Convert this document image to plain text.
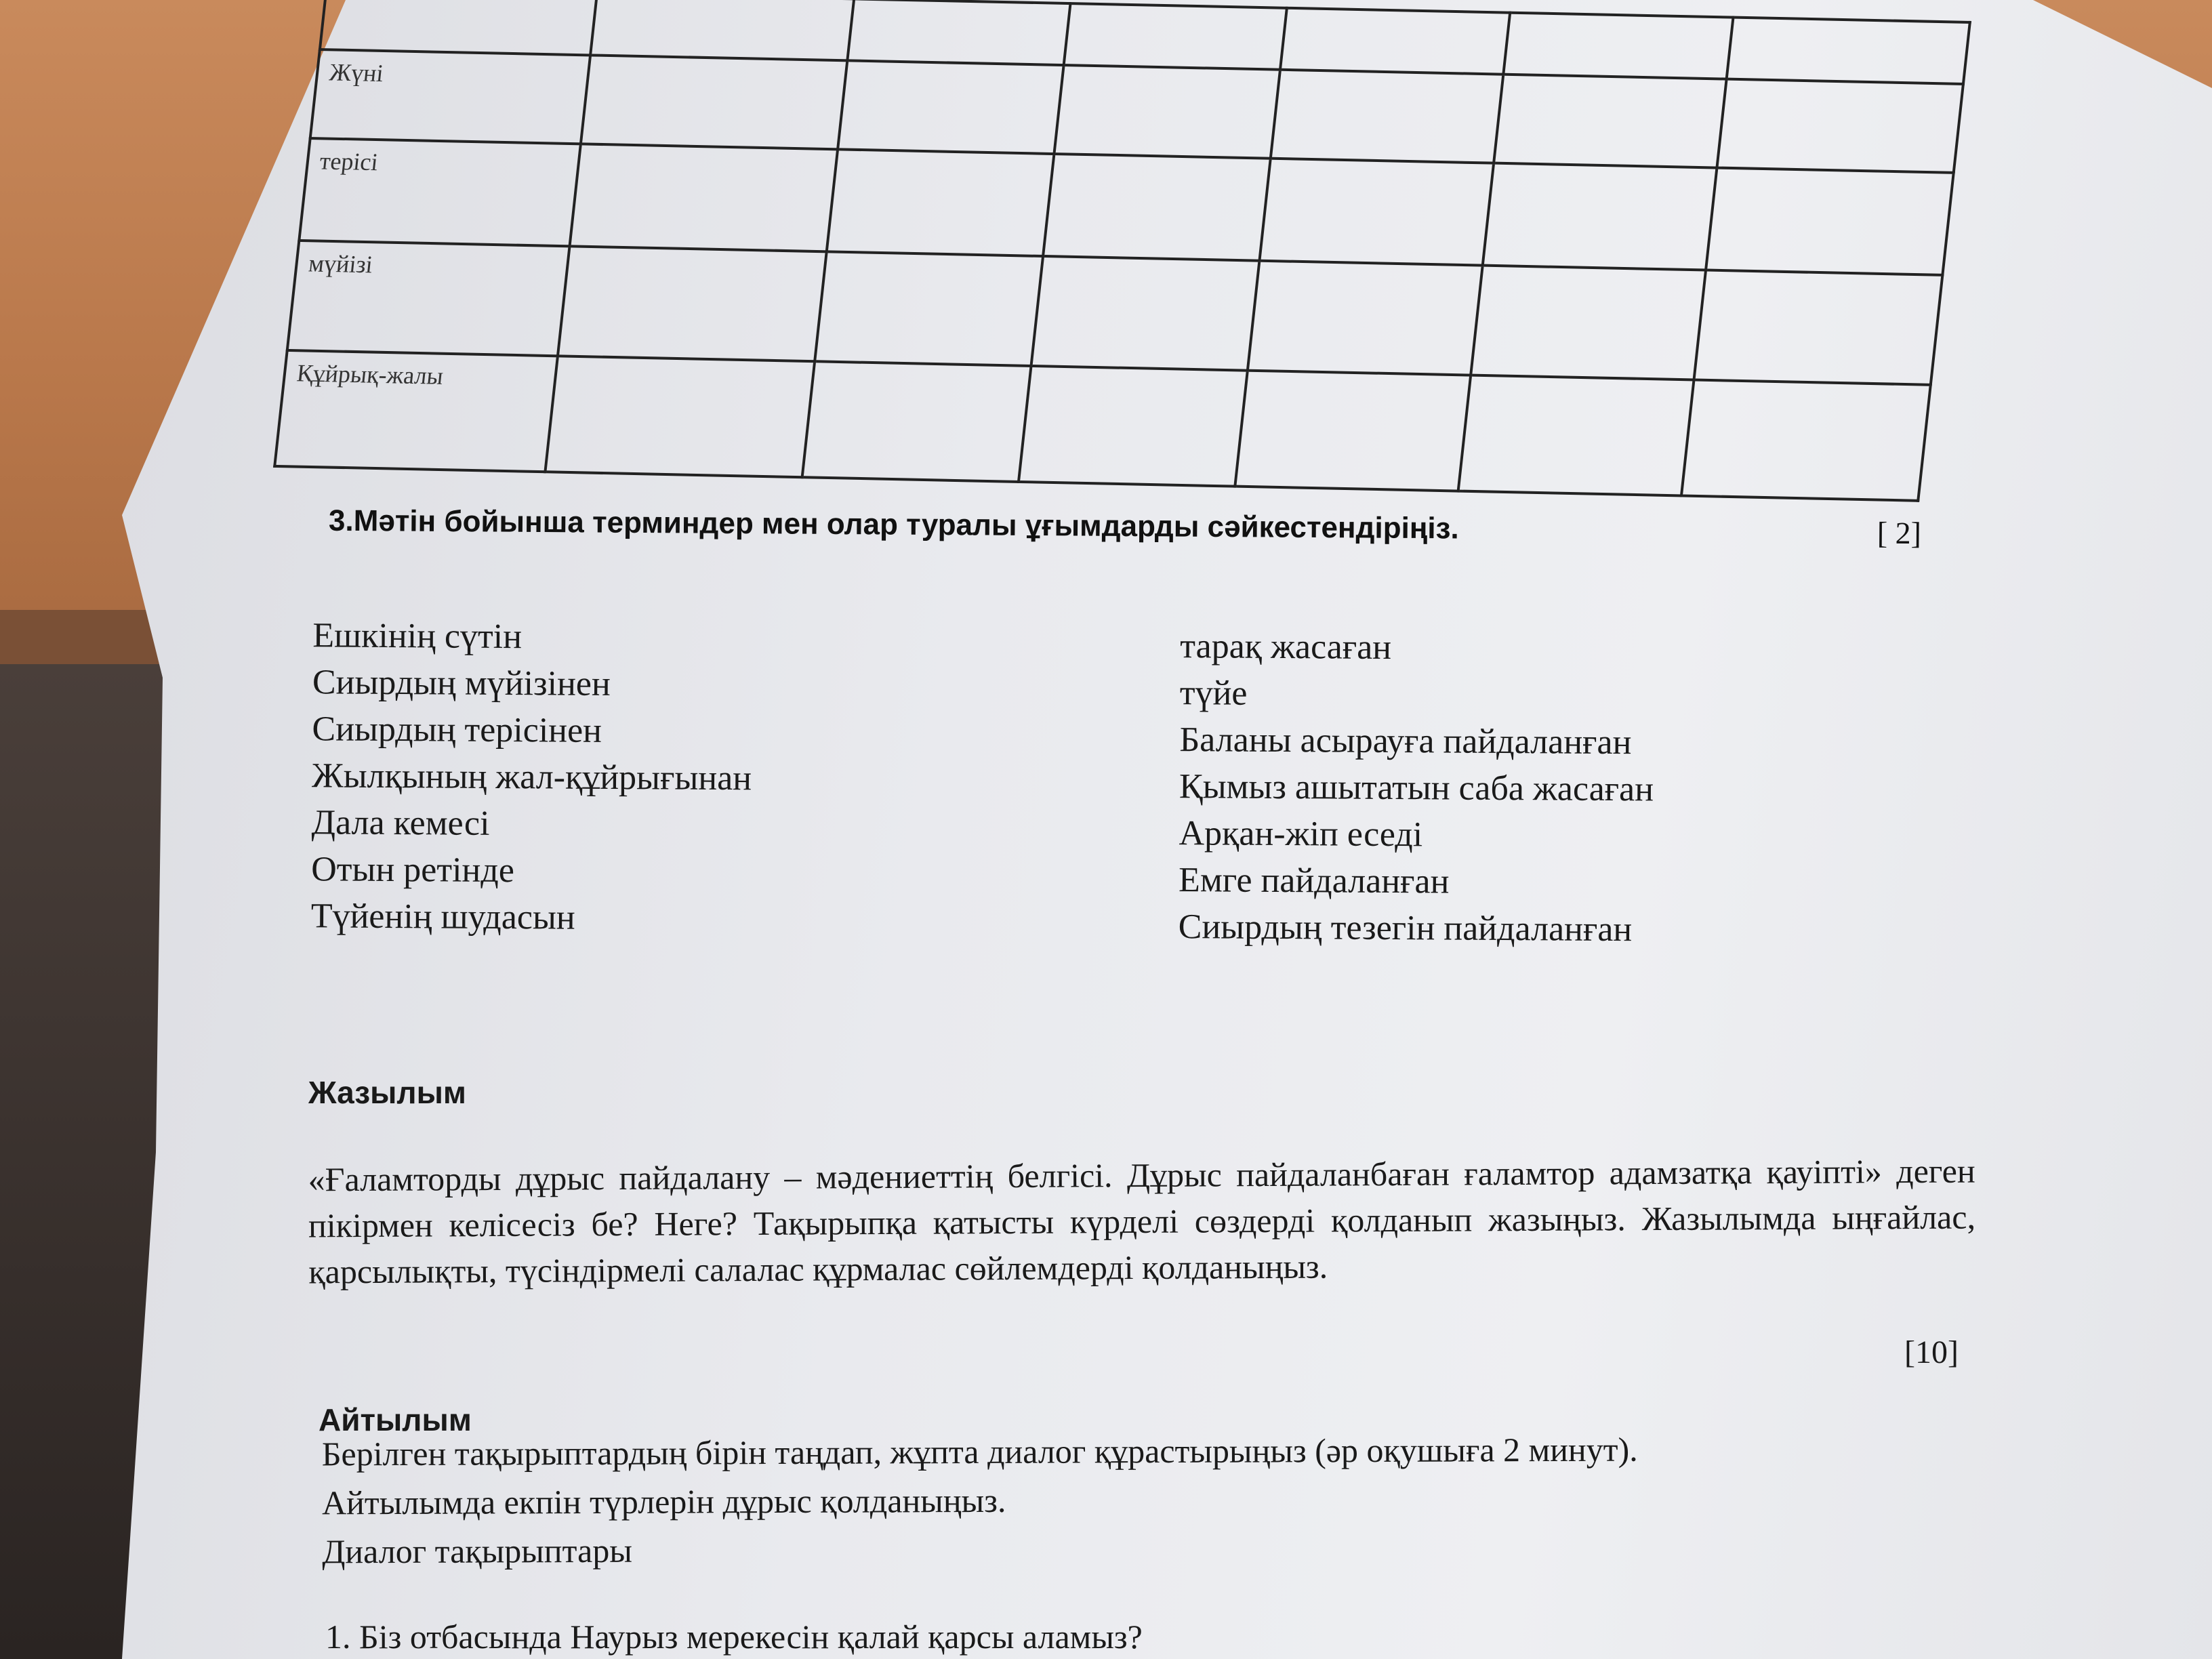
Жүні						
терісі						
мүйізі						
Құйрық-жалы						
3.Мәтін бойынша терминдер мен олар туралы ұғымдарды сәйкестендіріңіз.	[ 2]
Ешкінің сүтін
Сиырдың мүйізінен
Сиырдың терісінен
Жылқының жал-құйрығынан
Дала кемесі
Отын ретінде
Түйенің шудасын
тарақ жасаған
түйе
Баланы асырауға пайдаланған
Қымыз ашытатын саба жасаған
Арқан-жіп еседі
Емге пайдаланған
Сиырдың тезегін пайдаланған
Жазылым
«Ғаламторды дұрыс пайдалану – мәдениеттің белгісі. Дұрыс пайдаланбаған ғаламтор адамзатқа қауіпті» деген пікірмен келісесіз бе? Неге? Тақырыпқа қатысты күрделі сөздерді қолданып жазыңыз. Жазылымда ыңғайлас, қарсылықты, түсіндірмелі салалас құрмалас сөйлемдерді қолданыңыз.
[10]
Айтылым
Берілген тақырыптардың бірін таңдап, жұпта диалог құрастырыңыз (әр оқушыға 2 минут).
Айтылымда екпін түрлерін дұрыс қолданыңыз.
Диалог тақырыптары
1. Біз отбасында Наурыз мерекесін қалай қарсы аламыз?
